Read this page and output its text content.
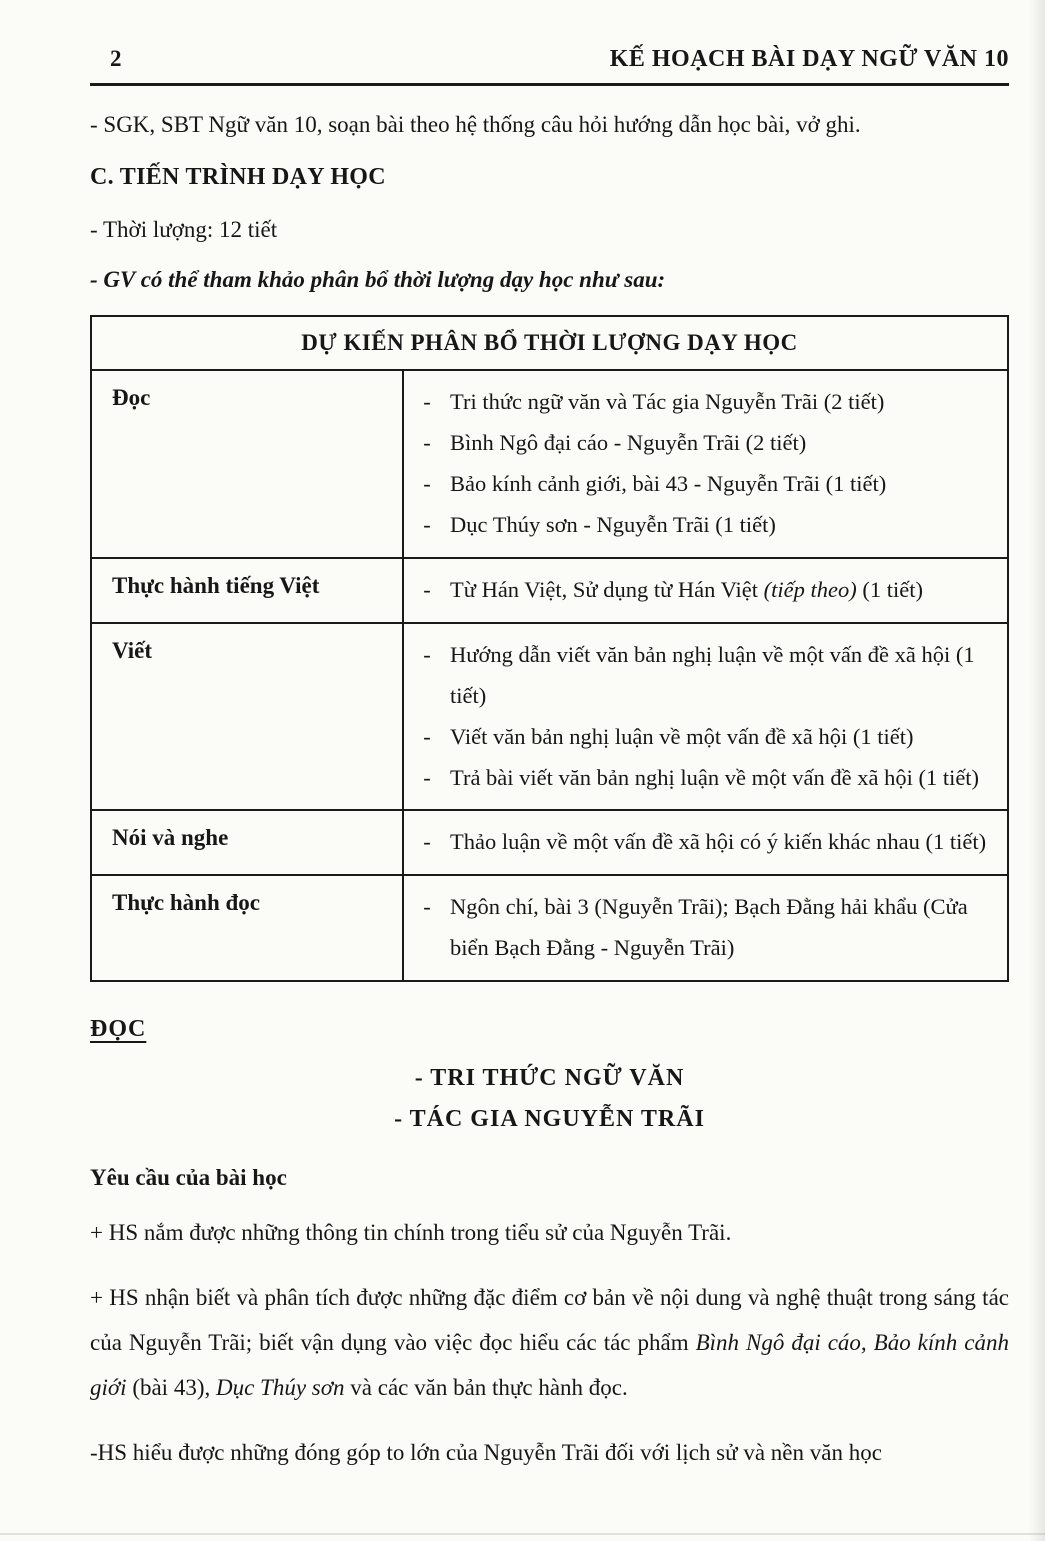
2	KẾ HOẠCH BÀI DẠY NGỮ VĂN 10

- SGK, SBT Ngữ văn 10, soạn bài theo hệ thống câu hỏi hướng dẫn học bài, vở ghi.

C. TIẾN TRÌNH DẠY HỌC

- Thời lượng: 12 tiết

- GV có thể tham khảo phân bổ thời lượng dạy học như sau:

DỰ KIẾN PHÂN BỔ THỜI LƯỢNG DẠY HỌC	
Đọc	- Tri thức ngữ văn và Tác gia Nguyễn Trãi (2 tiết)
- Bình Ngô đại cáo - Nguyễn Trãi (2 tiết)
- Bảo kính cảnh giới, bài 43 - Nguyễn Trãi (1 tiết)
- Dục Thúy sơn - Nguyễn Trãi (1 tiết)

Thực hành tiếng Việt	- Từ Hán Việt, Sử dụng từ Hán Việt (tiếp theo) (1 tiết)

Viết	- Hướng dẫn viết văn bản nghị luận về một vấn đề xã hội (1 tiết)
- Viết văn bản nghị luận về một vấn đề xã hội (1 tiết)
- Trả bài viết văn bản nghị luận về một vấn đề xã hội (1 tiết)

Nói và nghe	- Thảo luận về một vấn đề xã hội có ý kiến khác nhau (1 tiết)

Thực hành đọc	- Ngôn chí, bài 3 (Nguyễn Trãi); Bạch Đằng hải khẩu (Cửa biển Bạch Đằng - Nguyễn Trãi)

ĐỌC

- TRI THỨC NGỮ VĂN

- TÁC GIA NGUYỄN TRÃI

Yêu cầu của bài học

+ HS nắm được những thông tin chính trong tiểu sử của Nguyễn Trãi.

+ HS nhận biết và phân tích được những đặc điểm cơ bản về nội dung và nghệ thuật trong sáng tác của Nguyễn Trãi; biết vận dụng vào việc đọc hiểu các tác phẩm Bình Ngô đại cáo, Bảo kính cảnh giới (bài 43), Dục Thúy sơn và các văn bản thực hành đọc.

-HS hiểu được những đóng góp to lớn của Nguyễn Trãi đối với lịch sử và nền văn học
